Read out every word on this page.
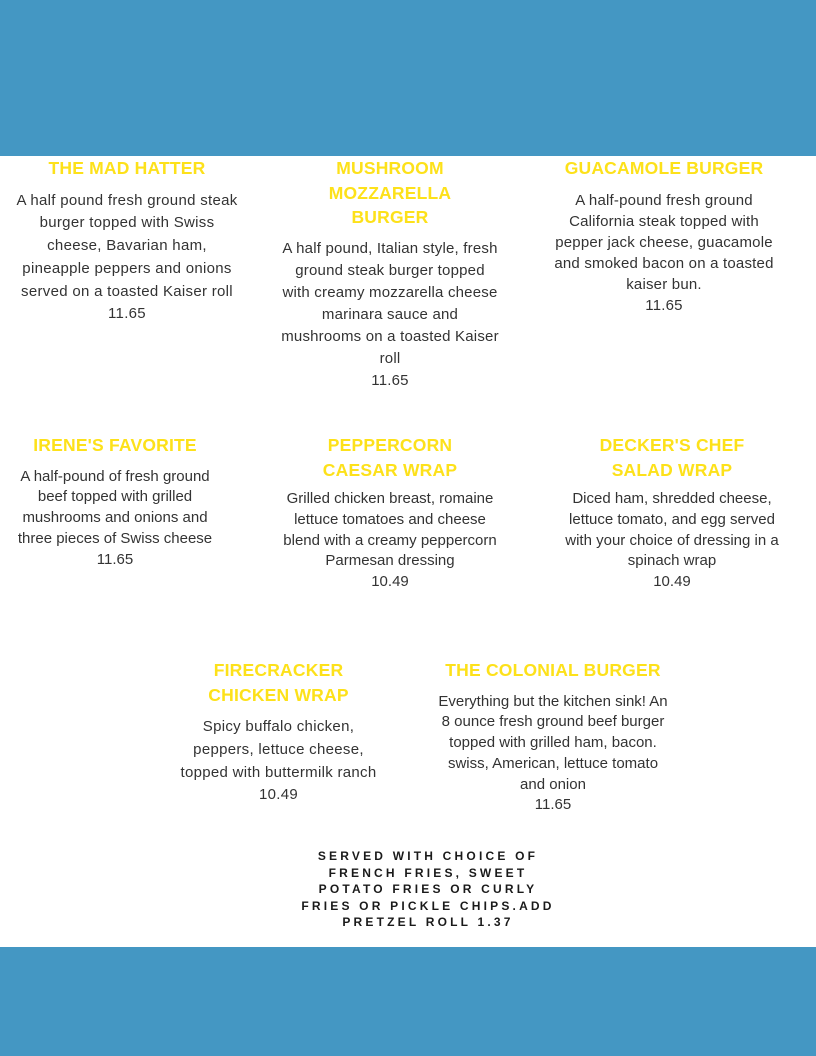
THE MAD HATTER

A half pound fresh ground steak burger topped with Swiss cheese, Bavarian ham, pineapple peppers and onions served on a toasted Kaiser roll 11.65

MUSHROOM MOZZARELLA BURGER

A half pound, Italian style, fresh ground steak burger topped with creamy mozzarella cheese marinara sauce and mushrooms on a toasted Kaiser roll
11.65

GUACAMOLE BURGER

A half-pound fresh ground California steak topped with pepper jack cheese, guacamole and smoked bacon on a toasted kaiser bun.
11.65

IRENE'S FAVORITE

A half-pound of fresh ground beef topped with grilled mushrooms and onions and three pieces of Swiss cheese
11.65

PEPPERCORN CAESAR WRAP

Grilled chicken breast, romaine lettuce tomatoes and cheese blend with a creamy peppercorn Parmesan dressing
10.49

DECKER'S CHEF SALAD WRAP

Diced ham, shredded cheese, lettuce tomato, and egg served with your choice of dressing in a spinach wrap
10.49

FIRECRACKER CHICKEN WRAP

Spicy buffalo chicken, peppers, lettuce cheese, topped with buttermilk ranch
10.49

THE COLONIAL BURGER

Everything but the kitchen sink! An 8 ounce fresh ground beef burger topped with grilled ham, bacon. swiss, American, lettuce tomato and onion
11.65

SERVED WITH CHOICE OF FRENCH FRIES, SWEET POTATO FRIES OR CURLY FRIES OR PICKLE CHIPS.ADD PRETZEL ROLL 1.37
